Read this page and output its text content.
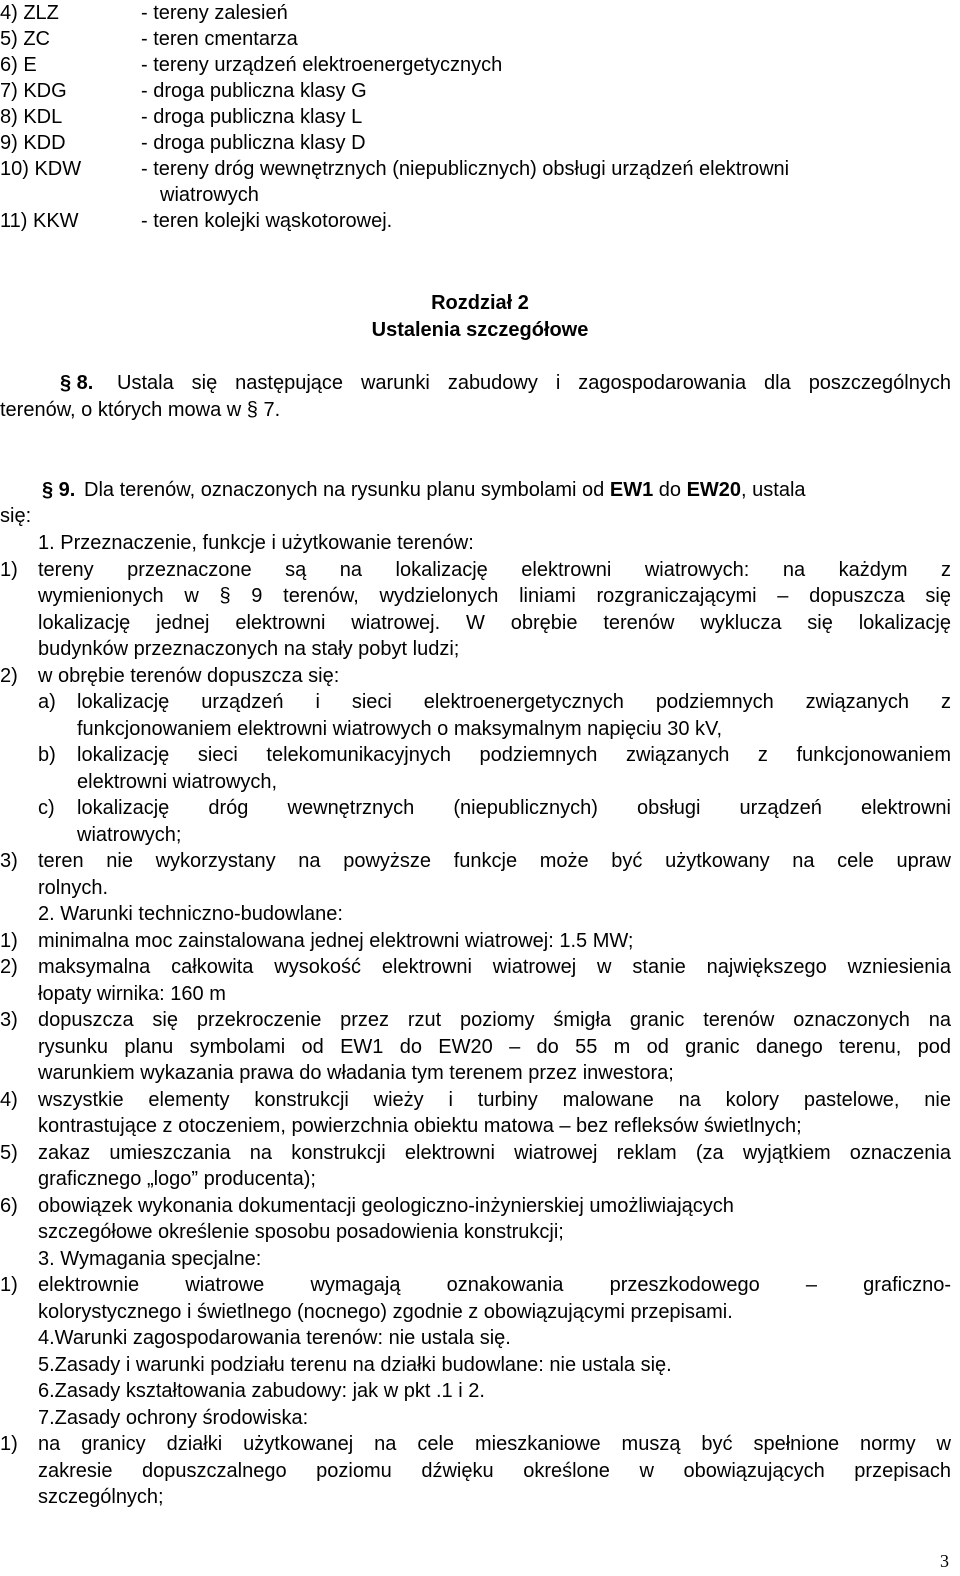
4) ZLZ	- tereny zalesień
5) ZC	- teren cmentarza
6) E	- tereny urządzeń elektroenergetycznych
7) KDG	- droga publiczna klasy G
8) KDL	- droga publiczna klasy L
9) KDD	- droga publiczna klasy D
10) KDW	- tereny dróg wewnętrznych (niepublicznych) obsługi urządzeń elektrowni
wiatrowych
11) KKW	- teren kolejki wąskotorowej.
Rozdział 2
Ustalenia szczegółowe
§ 8. Ustala się następujące warunki zabudowy i zagospodarowania dla poszczególnych
terenów, o których mowa w § 7.
§ 9. Dla terenów, oznaczonych na rysunku planu symbolami od EW1 do EW20, ustala
się:
1. Przeznaczenie, funkcje i użytkowanie terenów:
1) tereny przeznaczone są na lokalizację elektrowni wiatrowych: na każdym z
wymienionych w § 9 terenów, wydzielonych liniami rozgraniczającymi – dopuszcza się
lokalizację jednej elektrowni wiatrowej. W obrębie terenów wyklucza się lokalizację
budynków przeznaczonych na stały pobyt ludzi;
2) w obrębie terenów dopuszcza się:
a) lokalizację urządzeń i sieci elektroenergetycznych podziemnych związanych z
funkcjonowaniem elektrowni wiatrowych o maksymalnym napięciu 30 kV,
b) lokalizację sieci telekomunikacyjnych podziemnych związanych z funkcjonowaniem
elektrowni wiatrowych,
c) lokalizację dróg wewnętrznych (niepublicznych) obsługi urządzeń elektrowni
wiatrowych;
3) teren nie wykorzystany na powyższe funkcje może być użytkowany na cele upraw
rolnych.
2. Warunki techniczno-budowlane:
1) minimalna moc zainstalowana jednej elektrowni wiatrowej: 1.5 MW;
2) maksymalna całkowita wysokość elektrowni wiatrowej w stanie największego wzniesienia
łopaty wirnika: 160 m
3) dopuszcza się przekroczenie przez rzut poziomy śmigła granic terenów oznaczonych na
rysunku planu symbolami od EW1 do EW20 – do 55 m od granic danego terenu, pod
warunkiem wykazania prawa do władania tym terenem przez inwestora;
4) wszystkie elementy konstrukcji wieży i turbiny malowane na kolory pastelowe, nie
kontrastujące z otoczeniem, powierzchnia obiektu matowa – bez refleksów świetlnych;
5) zakaz umieszczania na konstrukcji elektrowni wiatrowej reklam (za wyjątkiem oznaczenia
graficznego „logo” producenta);
6) obowiązek wykonania dokumentacji geologiczno-inżynierskiej umożliwiających
szczegółowe określenie sposobu posadowienia konstrukcji;
3. Wymagania specjalne:
1) elektrownie wiatrowe wymagają oznakowania przeszkodowego – graficzno-
kolorystycznego i świetlnego (nocnego) zgodnie z obowiązującymi przepisami.
4.Warunki zagospodarowania terenów: nie ustala się.
5.Zasady i warunki podziału terenu na działki budowlane: nie ustala się.
6.Zasady kształtowania zabudowy: jak w pkt .1 i 2.
7.Zasady ochrony środowiska:
1) na granicy działki użytkowanej na cele mieszkaniowe muszą być spełnione normy w
zakresie dopuszczalnego poziomu dźwięku określone w obowiązujących przepisach
szczególnych;
3
